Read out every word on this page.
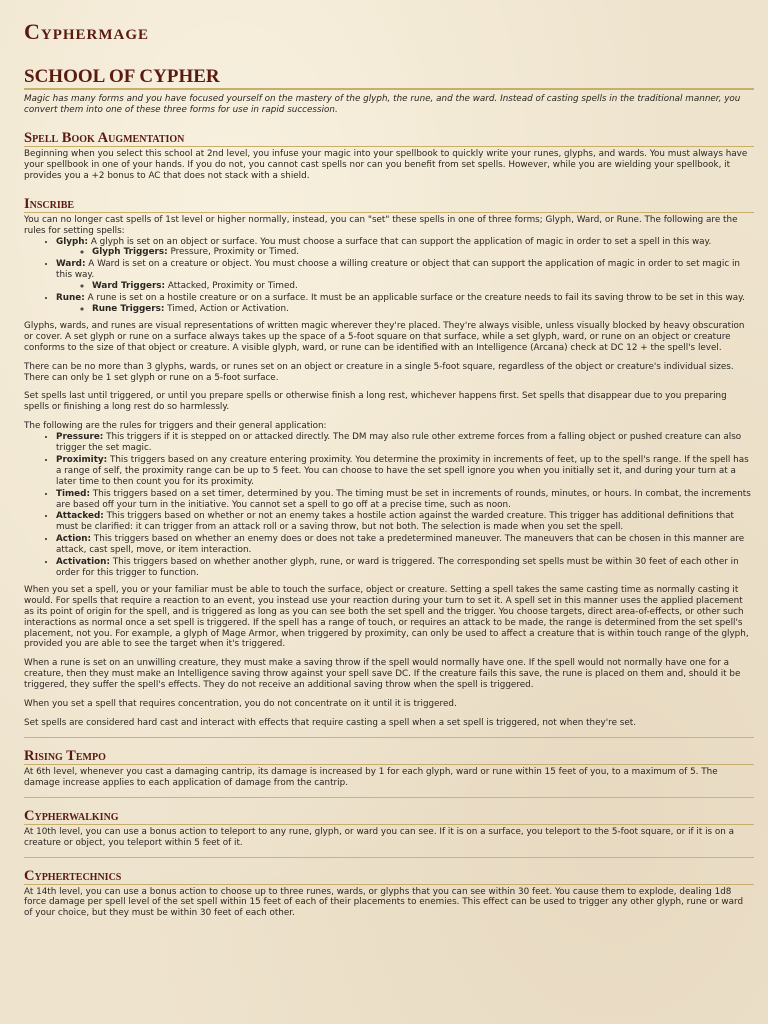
Cyphermage
SCHOOL OF CYPHER

Magic has many forms and you have focused yourself on the mastery of the glyph, the rune, and the ward. Instead of casting spells in the traditional manner, you convert them into one of these three forms for use in rapid succession.

Spell Book Augmentation

Beginning when you select this school at 2nd level, you infuse your magic into your spellbook to quickly write your runes, glyphs, and wards. You must always have your spellbook in one of your hands. If you do not, you cannot cast spells nor can you benefit from set spells. However, while you are wielding your spellbook, it provides you a +2 bonus to AC that does not stack with a shield.

Inscribe

You can no longer cast spells of 1st level or higher normally, instead, you can "set" these spells in one of three forms; Glyph, Ward, or Rune. The following are the rules for setting spells:

• Glyph: A glyph is set on an object or surface. You must choose a surface that can support the application of magic in order to set a spell in this way.
◦ Glyph Triggers: Pressure, Proximity or Timed.
• Ward: A Ward is set on a creature or object. You must choose a willing creature or object that can support the application of magic in order to set magic in this way.
◦ Ward Triggers: Attacked, Proximity or Timed.
• Rune: A rune is set on a hostile creature or on a surface. It must be an applicable surface or the creature needs to fail its saving throw to be set in this way.
◦ Rune Triggers: Timed, Action or Activation.

Glyphs, wards, and runes are visual representations of written magic wherever they're placed. They're always visible, unless visually blocked by heavy obscuration or cover. A set glyph or rune on a surface always takes up the space of a 5-foot square on that surface, while a set glyph, ward, or rune on an object or creature conforms to the size of that object or creature. A visible glyph, ward, or rune can be identified with an Intelligence (Arcana) check at DC 12 + the spell's level.

There can be no more than 3 glyphs, wards, or runes set on an object or creature in a single 5-foot square, regardless of the object or creature's individual sizes. There can only be 1 set glyph or rune on a 5-foot surface.

Set spells last until triggered, or until you prepare spells or otherwise finish a long rest, whichever happens first. Set spells that disappear due to you preparing spells or finishing a long rest do so harmlessly.

The following are the rules for triggers and their general application:

• Pressure: This triggers if it is stepped on or attacked directly. The DM may also rule other extreme forces from a falling object or pushed creature can also trigger the set magic.
• Proximity: This triggers based on any creature entering proximity. You determine the proximity in increments of feet, up to the spell's range. If the spell has a range of self, the proximity range can be up to 5 feet. You can choose to have the set spell ignore you when you initially set it, and during your turn at a later time to then count you for its proximity.
• Timed: This triggers based on a set timer, determined by you. The timing must be set in increments of rounds, minutes, or hours. In combat, the increments are based off your turn in the initiative. You cannot set a spell to go off at a precise time, such as noon.
• Attacked: This triggers based on whether or not an enemy takes a hostile action against the warded creature. This trigger has additional definitions that must be clarified: it can trigger from an attack roll or a saving throw, but not both. The selection is made when you set the spell.
• Action: This triggers based on whether an enemy does or does not take a predetermined maneuver. The maneuvers that can be chosen in this manner are attack, cast spell, move, or item interaction.
• Activation: This triggers based on whether another glyph, rune, or ward is triggered. The corresponding set spells must be within 30 feet of each other in order for this trigger to function.

When you set a spell, you or your familiar must be able to touch the surface, object or creature. Setting a spell takes the same casting time as normally casting it would. For spells that require a reaction to an event, you instead use your reaction during your turn to set it. A spell set in this manner uses the applied placement as its point of origin for the spell, and is triggered as long as you can see both the set spell and the trigger. You choose targets, direct area-of-effects, or other such interactions as normal once a set spell is triggered. If the spell has a range of touch, or requires an attack to be made, the range is determined from the set spell's placement, not you. For example, a glyph of Mage Armor, when triggered by proximity, can only be used to affect a creature that is within touch range of the glyph, provided you are able to see the target when it's triggered.

When a rune is set on an unwilling creature, they must make a saving throw if the spell would normally have one. If the spell would not normally have one for a creature, then they must make an Intelligence saving throw against your spell save DC. If the creature fails this save, the rune is placed on them and, should it be triggered, they suffer the spell's effects. They do not receive an additional saving throw when the spell is triggered.

When you set a spell that requires concentration, you do not concentrate on it until it is triggered.

Set spells are considered hard cast and interact with effects that require casting a spell when a set spell is triggered, not when they're set.

Rising Tempo

At 6th level, whenever you cast a damaging cantrip, its damage is increased by 1 for each glyph, ward or rune within 15 feet of you, to a maximum of 5. The damage increase applies to each application of damage from the cantrip.

Cypherwalking

At 10th level, you can use a bonus action to teleport to any rune, glyph, or ward you can see. If it is on a surface, you teleport to the 5-foot square, or if it is on a creature or object, you teleport within 5 feet of it.

Cyphertechnics

At 14th level, you can use a bonus action to choose up to three runes, wards, or glyphs that you can see within 30 feet. You cause them to explode, dealing 1d8 force damage per spell level of the set spell within 15 feet of each of their placements to enemies. This effect can be used to trigger any other glyph, rune or ward of your choice, but they must be within 30 feet of each other.
